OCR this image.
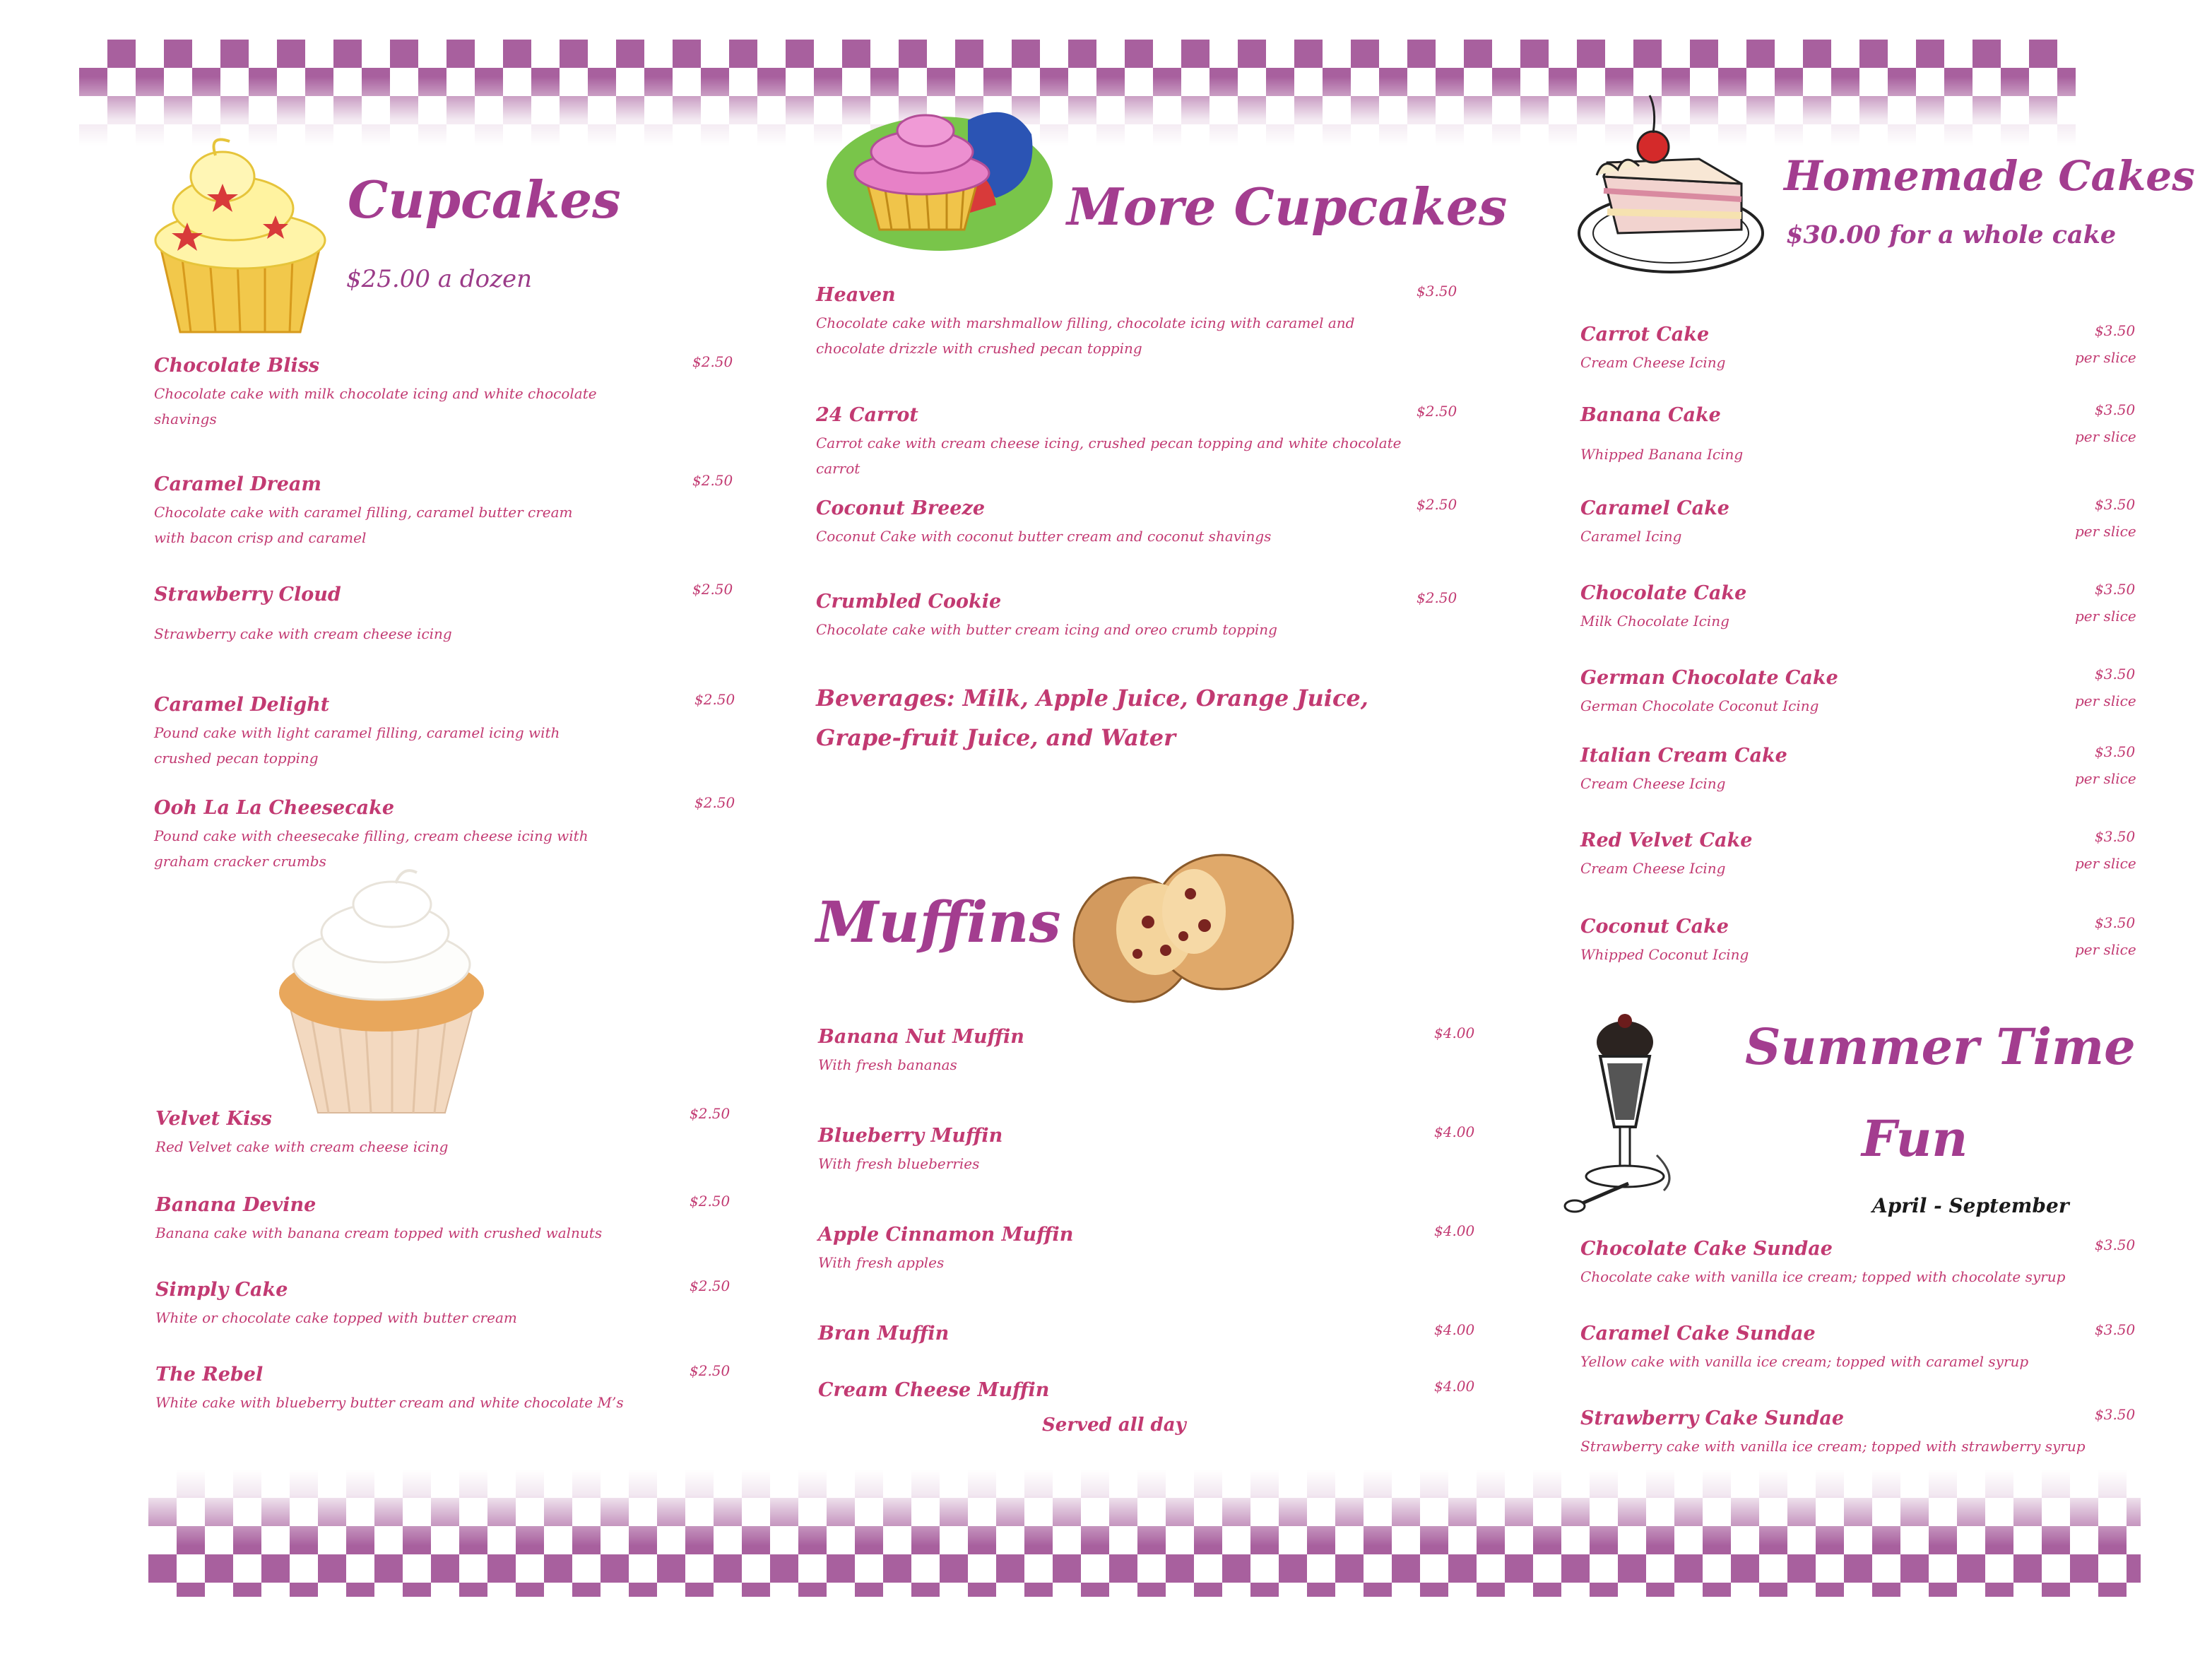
Cupcakes
$25.00 a dozen
Chocolate Bliss
Chocolate cake with milk chocolate icing and white chocolate shavings
$2.50
Caramel Dream
Chocolate cake with caramel filling, caramel butter cream with bacon crisp and caramel
$2.50
Strawberry Cloud
Strawberry cake with cream cheese icing
$2.50
Caramel Delight
Pound cake with light caramel filling, caramel icing with crushed pecan topping
$2.50
Ooh La La Cheesecake
Pound cake with cheesecake filling, cream cheese icing with graham cracker crumbs
$2.50
Velvet Kiss
Red Velvet cake with cream cheese icing
$2.50
Banana Devine
Banana cake with banana cream topped with crushed walnuts
$2.50
Simply Cake
White or chocolate cake topped with butter cream
$2.50
The Rebel
White cake with blueberry butter cream and white chocolate M’s
$2.50
More Cupcakes
Heaven
Chocolate cake with marshmallow filling, chocolate icing with caramel and chocolate drizzle with crushed pecan topping
$3.50
24 Carrot
Carrot cake with cream cheese icing, crushed pecan topping and white chocolate carrot
$2.50
Coconut Breeze
Coconut Cake with coconut butter cream and coconut shavings
$2.50
Crumbled Cookie
Chocolate cake with butter cream icing and oreo crumb topping
$2.50
Beverages: Milk, Apple Juice, Orange Juice, Grape-fruit Juice, and Water
Muffins
Banana Nut Muffin
With fresh bananas
$4.00
Blueberry Muffin
With fresh blueberries
$4.00
Apple Cinnamon Muffin
With fresh apples
$4.00
Bran Muffin	$4.00
Cream Cheese Muffin	$4.00
Served all day
Homemade Cakes
$30.00 for a whole cake
Carrot Cake
Cream Cheese Icing
$3.50
per slice
Banana Cake
Whipped Banana Icing
$3.50
per slice
Caramel Cake
Caramel Icing
$3.50
per slice
Chocolate Cake
Milk Chocolate Icing
$3.50
per slice
German Chocolate Cake
German Chocolate Coconut Icing
$3.50
per slice
Italian Cream Cake
Cream Cheese Icing
$3.50
per slice
Red Velvet Cake
Cream Cheese Icing
$3.50
per slice
Coconut Cake
Whipped Coconut Icing
$3.50
per slice
Summer Time
Fun
April - September
Chocolate Cake Sundae
Chocolate cake with vanilla ice cream; topped with chocolate syrup
$3.50
Caramel Cake Sundae
Yellow cake with vanilla ice cream; topped with caramel syrup
$3.50
Strawberry Cake Sundae
Strawberry cake with vanilla ice cream; topped with strawberry syrup
$3.50
